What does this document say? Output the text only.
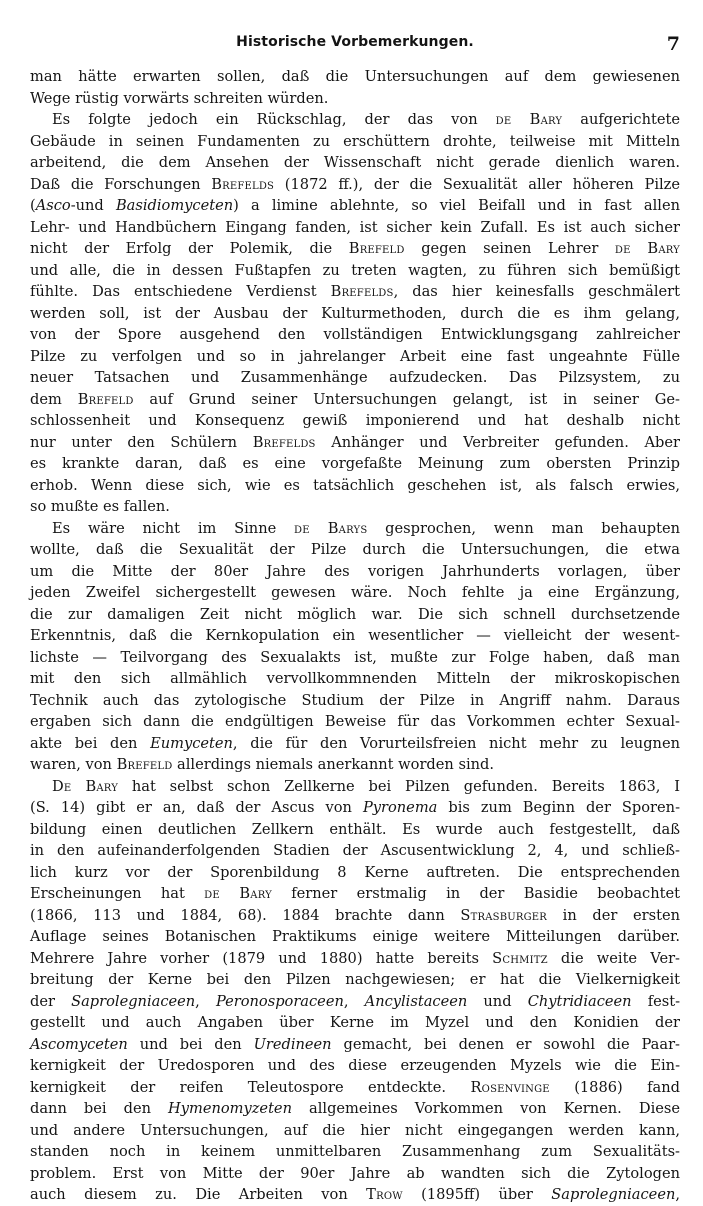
Historische Vorbemerkungen.	7
man hätte erwarten sollen, daß die Untersuchungen auf dem gewiesenen
Wege rüstig vorwärts schreiten würden.
Es folgte jedoch ein Rückschlag, der das von de Bary aufgerichtete
Gebäude in seinen Fundamenten zu erschüttern drohte, teilweise mit Mitteln
arbeitend, die dem Ansehen der Wissenschaft nicht gerade dienlich waren.
Daß die Forschungen Brefelds (1872 ff.), der die Sexualität aller höheren Pilze
(Asco-und Basidiomyceten) a limine ablehnte, so viel Beifall und in fast allen
Lehr- und Handbüchern Eingang fanden, ist sicher kein Zufall. Es ist auch sicher
nicht der Erfolg der Polemik, die Brefeld gegen seinen Lehrer de Bary
und alle, die in dessen Fußtapfen zu treten wagten, zu führen sich bemüßigt
fühlte. Das entschiedene Verdienst Brefelds, das hier keinesfalls geschmälert
werden soll, ist der Ausbau der Kulturmethoden, durch die es ihm gelang,
von der Spore ausgehend den vollständigen Entwicklungsgang zahlreicher
Pilze zu verfolgen und so in jahrelanger Arbeit eine fast ungeahnte Fülle
neuer Tatsachen und Zusammenhänge aufzudecken. Das Pilzsystem, zu
dem Brefeld auf Grund seiner Untersuchungen gelangt, ist in seiner Ge-
schlossenheit und Konsequenz gewiß imponierend und hat deshalb nicht
nur unter den Schülern Brefelds Anhänger und Verbreiter gefunden. Aber
es krankte daran, daß es eine vorgefaßte Meinung zum obersten Prinzip
erhob. Wenn diese sich, wie es tatsächlich geschehen ist, als falsch erwies,
so mußte es fallen.
Es wäre nicht im Sinne de Barys gesprochen, wenn man behaupten
wollte, daß die Sexualität der Pilze durch die Untersuchungen, die etwa
um die Mitte der 80er Jahre des vorigen Jahrhunderts vorlagen, über
jeden Zweifel sichergestellt gewesen wäre. Noch fehlte ja eine Ergänzung,
die zur damaligen Zeit nicht möglich war. Die sich schnell durchsetzende
Erkenntnis, daß die Kernkopulation ein wesentlicher — vielleicht der wesent-
lichste — Teilvorgang des Sexualakts ist, mußte zur Folge haben, daß man
mit den sich allmählich vervollkommnenden Mitteln der mikroskopischen
Technik auch das zytologische Studium der Pilze in Angriff nahm. Daraus
ergaben sich dann die endgültigen Beweise für das Vorkommen echter Sexual-
akte bei den Eumyceten, die für den Vorurteilsfreien nicht mehr zu leugnen
waren, von Brefeld allerdings niemals anerkannt worden sind.
De Bary hat selbst schon Zellkerne bei Pilzen gefunden. Bereits 1863, I
(S. 14) gibt er an, daß der Ascus von Pyronema bis zum Beginn der Sporen-
bildung einen deutlichen Zellkern enthält. Es wurde auch festgestellt, daß
in den aufeinanderfolgenden Stadien der Ascusentwicklung 2, 4, und schließ-
lich kurz vor der Sporenbildung 8 Kerne auftreten. Die entsprechenden
Erscheinungen hat de Bary ferner erstmalig in der Basidie beobachtet
(1866, 113 und 1884, 68). 1884 brachte dann Strasburger in der ersten
Auflage seines Botanischen Praktikums einige weitere Mitteilungen darüber.
Mehrere Jahre vorher (1879 und 1880) hatte bereits Schmitz die weite Ver-
breitung der Kerne bei den Pilzen nachgewiesen; er hat die Vielkernigkeit
der Saprolegniaceen, Peronosporaceen, Ancylistaceen und Chytridiaceen fest-
gestellt und auch Angaben über Kerne im Myzel und den Konidien der
Ascomyceten und bei den Uredineen gemacht, bei denen er sowohl die Paar-
kernigkeit der Uredosporen und des diese erzeugenden Myzels wie die Ein-
kernigkeit der reifen Teleutospore entdeckte. Rosenvinge (1886) fand
dann bei den Hymenomyzeten allgemeines Vorkommen von Kernen. Diese
und andere Untersuchungen, auf die hier nicht eingegangen werden kann,
standen noch in keinem unmittelbaren Zusammenhang zum Sexualitäts-
problem. Erst von Mitte der 90er Jahre ab wandten sich die Zytologen
auch diesem zu. Die Arbeiten von Trow (1895ff) über Saprolegniaceen,
